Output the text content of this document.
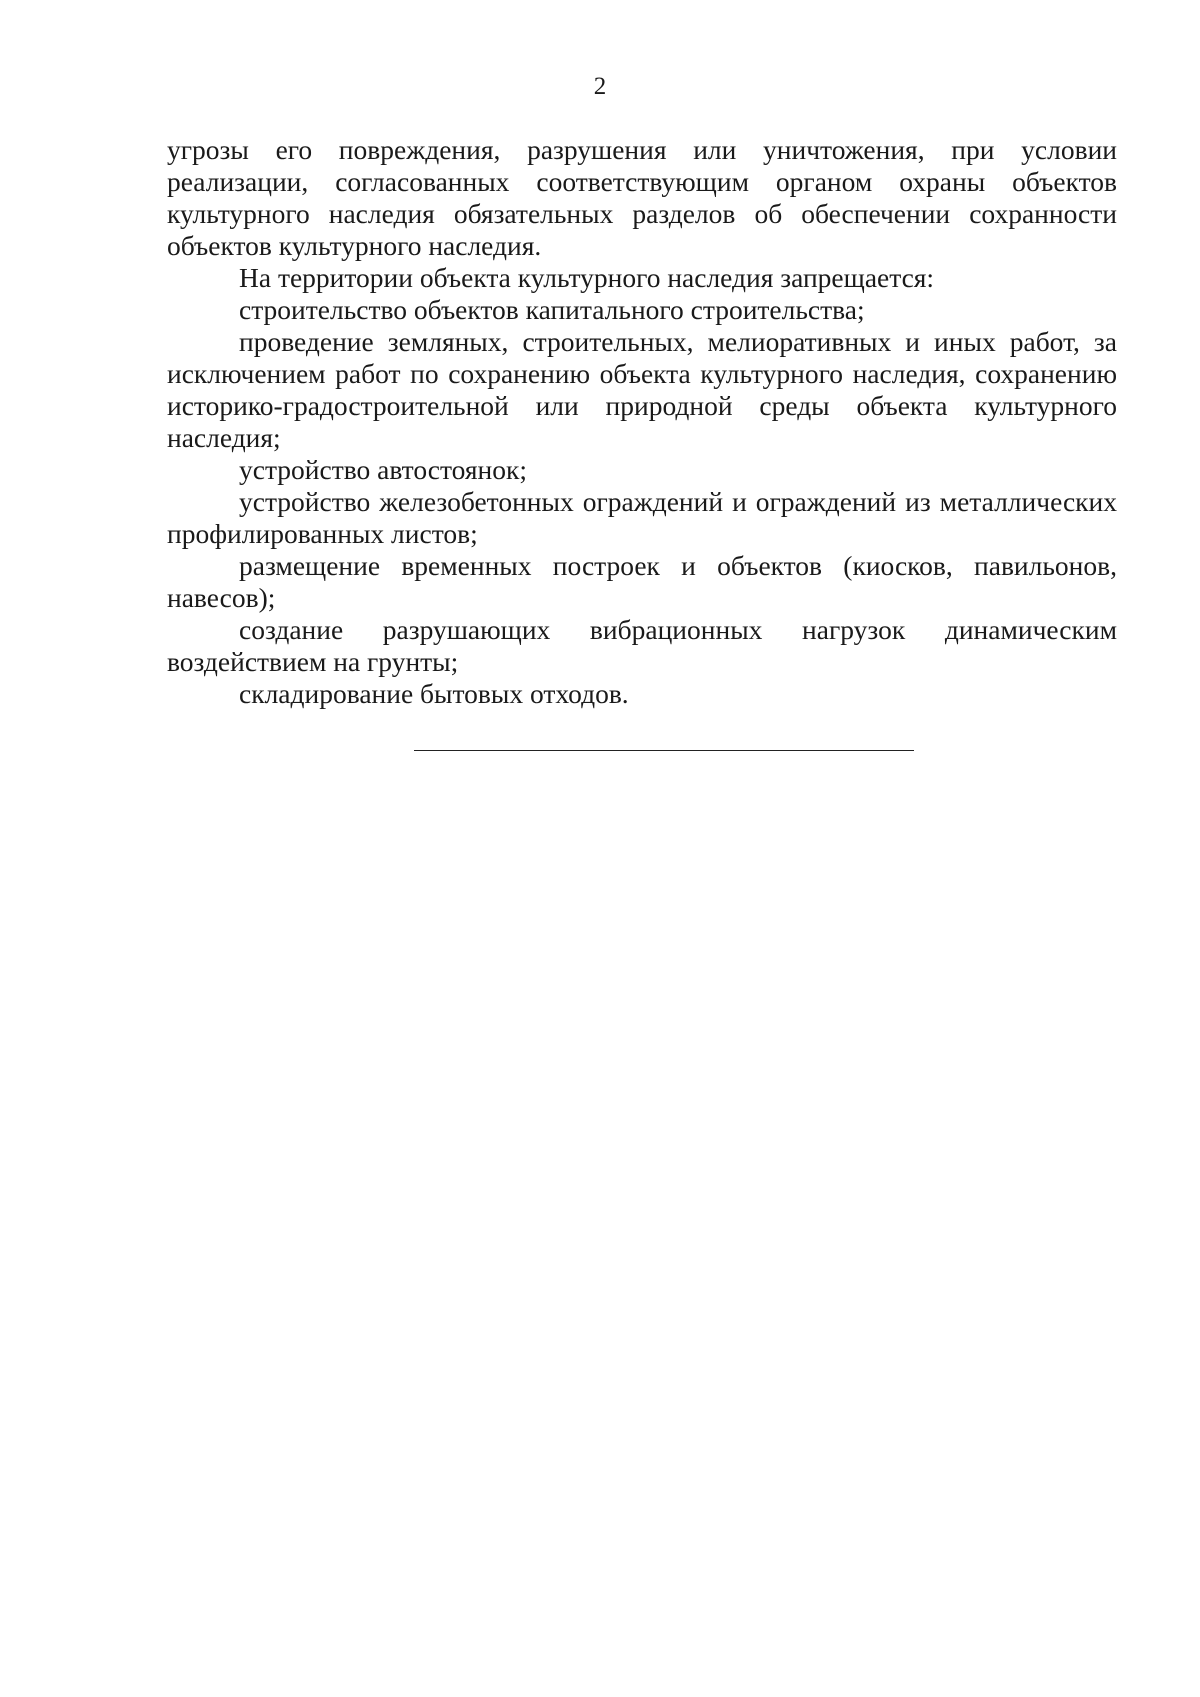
2

угрозы его повреждения, разрушения или уничтожения, при условии реализации, согласованных соответствующим органом охраны объектов культурного наследия обязательных разделов об обеспечении сохранности объектов культурного наследия.

На территории объекта культурного наследия запрещается:

строительство объектов капитального строительства;

проведение земляных, строительных, мелиоративных и иных работ, за исключением работ по сохранению объекта культурного наследия, сохранению историко-градостроительной или природной среды объекта культурного наследия;

устройство автостоянок;

устройство железобетонных ограждений и ограждений из металлических профилированных листов;

размещение временных построек и объектов (киосков, павильонов, навесов);

создание разрушающих вибрационных нагрузок динамическим воздействием на грунты;

складирование бытовых отходов.
